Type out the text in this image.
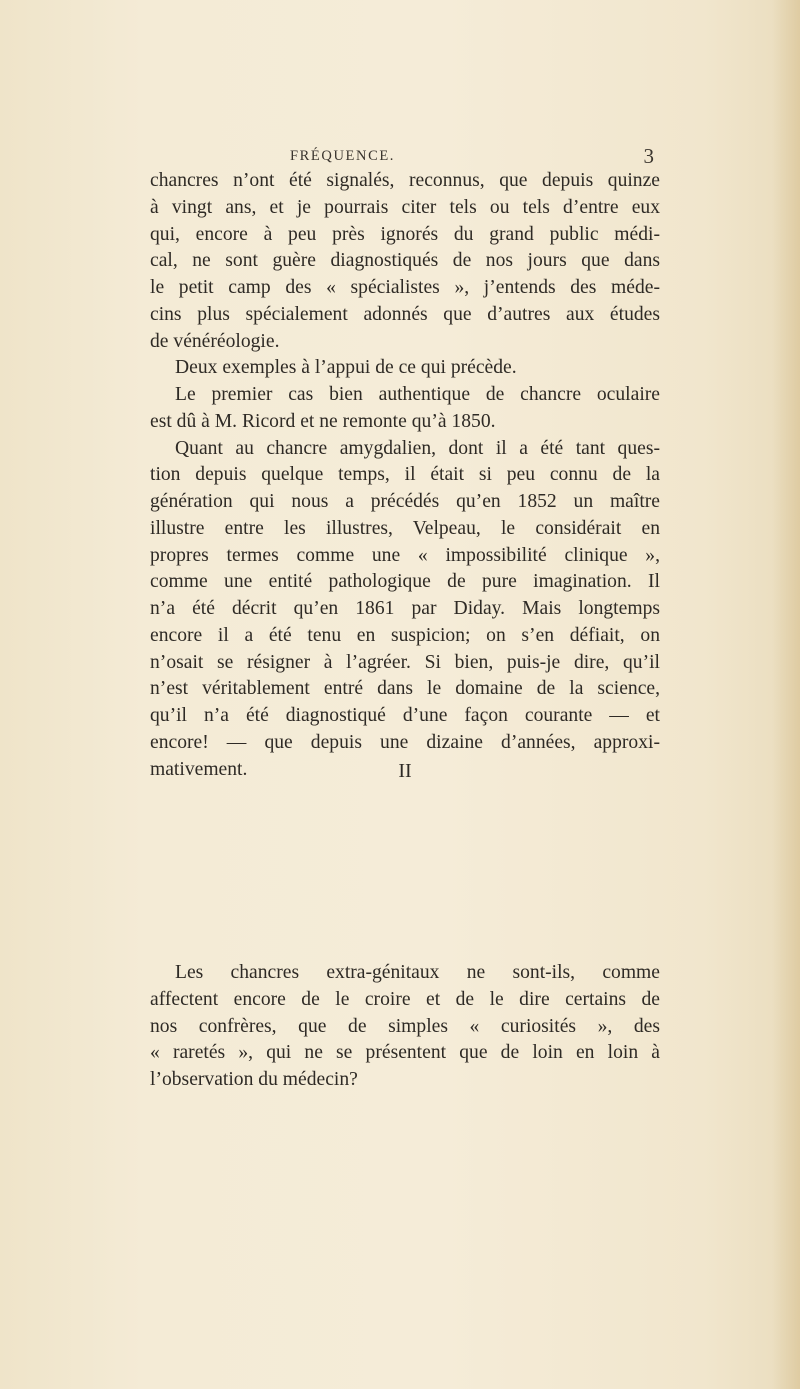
FRÉQUENCE.	3
chancres n’ont été signalés, reconnus, que depuis quinze
à vingt ans, et je pourrais citer tels ou tels d’entre eux
qui, encore à peu près ignorés du grand public médi-
cal, ne sont guère diagnostiqués de nos jours que dans
le petit camp des « spécialistes », j’entends des méde-
cins plus spécialement adonnés que d’autres aux études
de vénéréologie.
Deux exemples à l’appui de ce qui précède.
Le premier cas bien authentique de chancre oculaire
est dû à M. Ricord et ne remonte qu’à 1850.
Quant au chancre amygdalien, dont il a été tant ques-
tion depuis quelque temps, il était si peu connu de la
génération qui nous a précédés qu’en 1852 un maître
illustre entre les illustres, Velpeau, le considérait en
propres termes comme une « impossibilité clinique »,
comme une entité pathologique de pure imagination. Il
n’a été décrit qu’en 1861 par Diday. Mais longtemps
encore il a été tenu en suspicion; on s’en défiait, on
n’osait se résigner à l’agréer. Si bien, puis-je dire, qu’il
n’est véritablement entré dans le domaine de la science,
qu’il n’a été diagnostiqué d’une façon courante — et
encore! — que depuis une dizaine d’années, approxi-
mativement.	II
Les chancres extra-génitaux ne sont-ils, comme
affectent encore de le croire et de le dire certains de
nos confrères, que de simples « curiosités », des
« raretés », qui ne se présentent que de loin en loin à
l’observation du médecin?
